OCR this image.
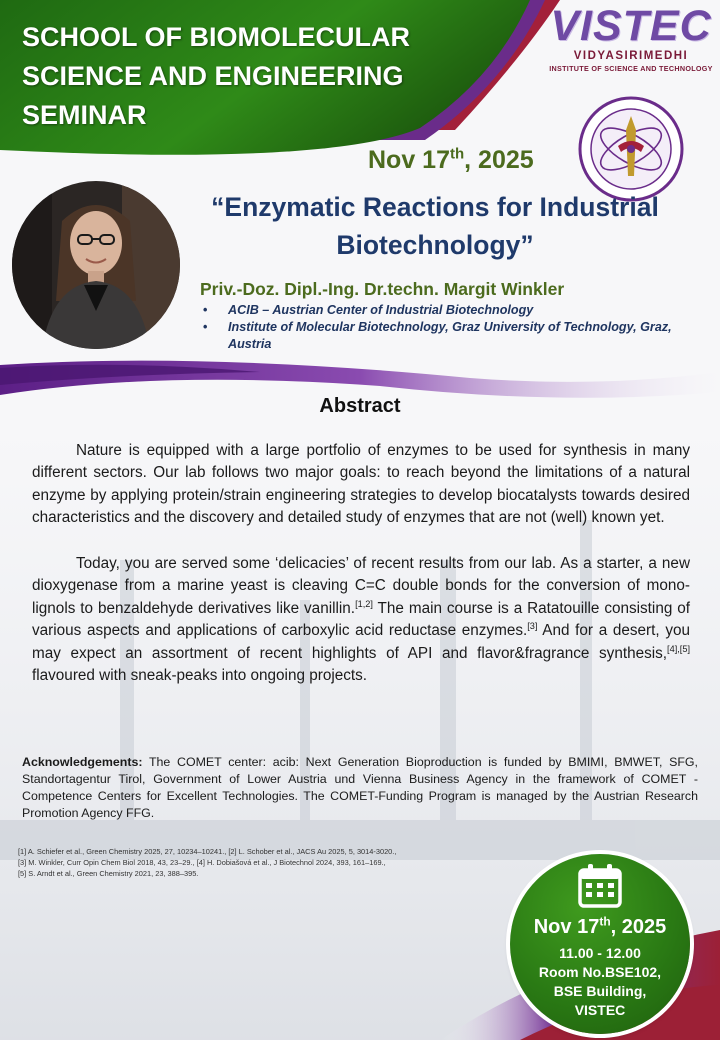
SCHOOL OF BIOMOLECULAR
SCIENCE AND ENGINEERING
SEMINAR
VISTEC
VIDYASIRIMEDHI
INSTITUTE OF SCIENCE AND TECHNOLOGY

Nov 17th, 2025

“Enzymatic Reactions for Industrial
Biotechnology”

Priv.-Doz. Dipl.-Ing. Dr.techn. Margit Winkler

• ACIB – Austrian Center of Industrial Biotechnology
• Institute of Molecular Biotechnology, Graz University of Technology, Graz, Austria
Abstract

Nature is equipped with a large portfolio of enzymes to be used for synthesis in many different sectors. Our lab follows two major goals: to reach beyond the limitations of a natural enzyme by applying protein/strain engineering strategies to develop biocatalysts towards desired characteristics and the discovery and detailed study of enzymes that are not (well) known yet.

Today, you are served some ‘delicacies’ of recent results from our lab. As a starter, a new dioxygenase from a marine yeast is cleaving C=C double bonds for the conversion of mono-lignols to benzaldehyde derivatives like vanillin.[1,2] The main course is a Ratatouille consisting of various aspects and applications of carboxylic acid reductase enzymes.[3] And for a desert, you may expect an assortment of recent highlights of API and flavor&fragrance synthesis,[4],[5] flavoured with sneak-peaks into ongoing projects.

Acknowledgements: The COMET center: acib: Next Generation Bioproduction is funded by BMIMI, BMWET, SFG, Standortagentur Tirol, Government of Lower Austria und Vienna Business Agency in the framework of COMET - Competence Centers for Excellent Technologies. The COMET-Funding Program is managed by the Austrian Research Promotion Agency FFG.

[1] A. Schiefer et al., Green Chemistry 2025, 27, 10234–10241., [2] L. Schober et al., JACS Au 2025, 5, 3014-3020.,
[3] M. Winkler, Curr Opin Chem Biol 2018, 43, 23–29., [4] H. Dobiašová et al., J Biotechnol 2024, 393, 161–169.,
[5] S. Arndt et al., Green Chemistry 2021, 23, 388–395.

Nov 17th, 2025

11.00 - 12.00

Room No.BSE102,

BSE Building,

VISTEC
